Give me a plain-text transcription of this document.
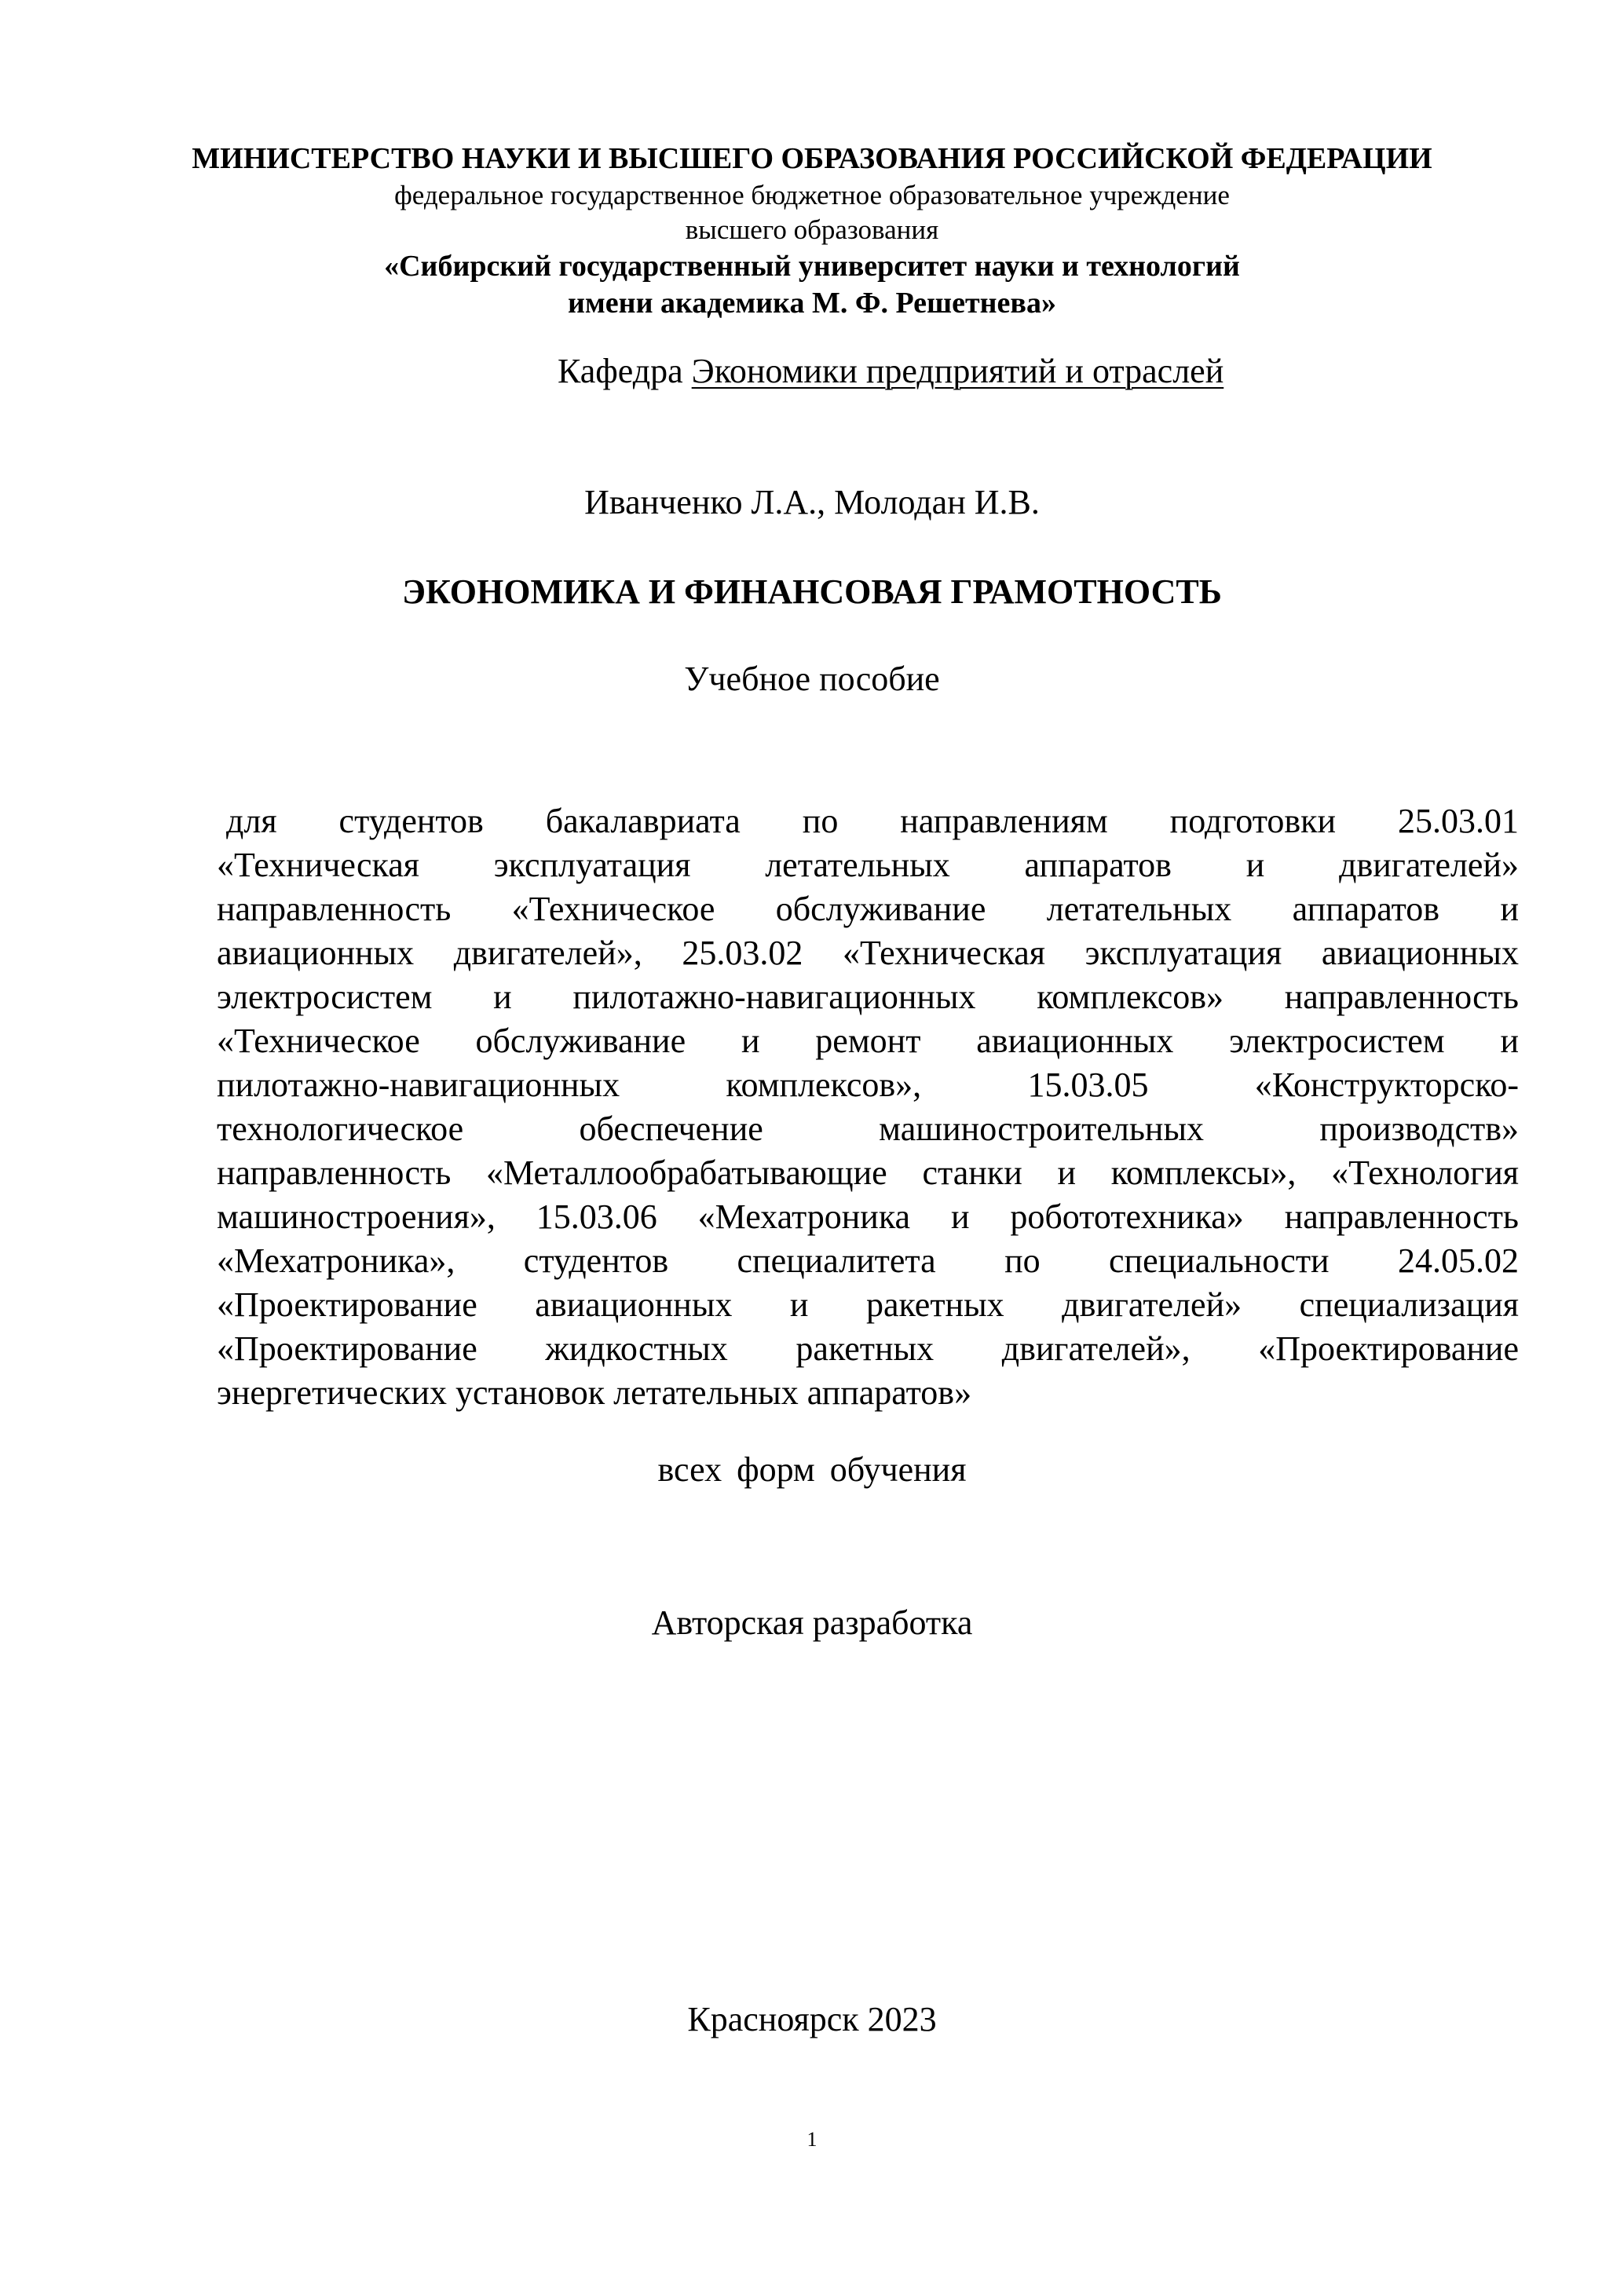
МИНИСТЕРСТВО НАУКИ И ВЫСШЕГО ОБРАЗОВАНИЯ РОССИЙСКОЙ ФЕДЕРАЦИИ
федеральное государственное бюджетное образовательное учреждение
высшего образования
«Сибирский государственный университет науки и технологий
имени академика М. Ф. Решетнева»
Кафедра Экономики предприятий и отраслей
Иванченко Л.А., Молодан И.В.
ЭКОНОМИКА И ФИНАНСОВАЯ ГРАМОТНОСТЬ
Учебное пособие
для студентов бакалавриата по направлениям подготовки 25.03.01
«Техническая эксплуатация летательных аппаратов и двигателей»
направленность «Техническое обслуживание летательных аппаратов и
авиационных двигателей», 25.03.02 «Техническая эксплуатация авиационных
электросистем и пилотажно-навигационных комплексов» направленность
«Техническое обслуживание и ремонт авиационных электросистем и
пилотажно-навигационных комплексов», 15.03.05 «Конструкторско-
технологическое обеспечение машиностроительных производств»
направленность «Металлообрабатывающие станки и комплексы», «Технология
машиностроения», 15.03.06 «Мехатроника и робототехника» направленность
«Мехатроника», студентов специалитета по специальности 24.05.02
«Проектирование авиационных и ракетных двигателей» специализация
«Проектирование жидкостных ракетных двигателей», «Проектирование
энергетических установок летательных аппаратов»
всех форм обучения
Авторская разработка
Красноярск 2023
1
